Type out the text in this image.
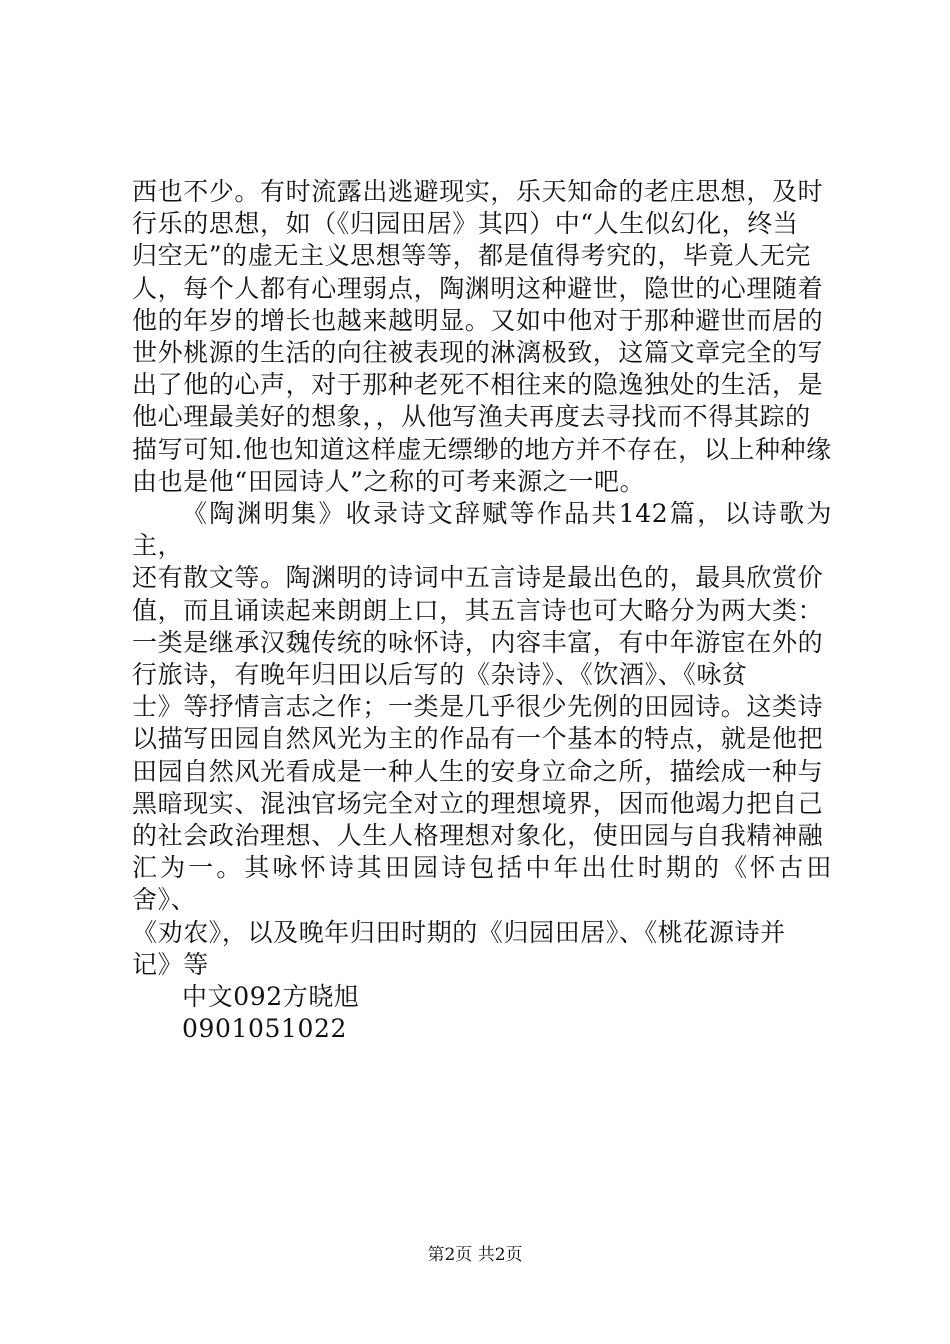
西也不少。有时流露出逃避现实，乐天知命的老庄思想，及时
行乐的思想，如（《归园田居》其四）中“人生似幻化，终当
归空无”的虚无主义思想等等，都是值得考究的，毕竟人无完
人，每个人都有心理弱点，陶渊明这种避世，隐世的心理随着
他的年岁的增长也越来越明显。又如中他对于那种避世而居的
世外桃源的生活的向往被表现的淋漓极致，这篇文章完全的写
出了他的心声，对于那种老死不相往来的隐逸独处的生活，是
他心理最美好的想象，，从他写渔夫再度去寻找而不得其踪的
描写可知.他也知道这样虚无缥缈的地方并不存在，以上种种缘
由也是他“田园诗人”之称的可考来源之一吧。

《陶渊明集》收录诗文辞赋等作品共142篇，以诗歌为主，
还有散文等。陶渊明的诗词中五言诗是最出色的，最具欣赏价
值，而且诵读起来朗朗上口，其五言诗也可大略分为两大类：
一类是继承汉魏传统的咏怀诗，内容丰富，有中年游宦在外的
行旅诗，有晚年归田以后写的《杂诗》、《饮酒》、《咏贫
士》等抒情言志之作；一类是几乎很少先例的田园诗。这类诗
以描写田园自然风光为主的作品有一个基本的特点，就是他把
田园自然风光看成是一种人生的安身立命之所，描绘成一种与
黑暗现实、混浊官场完全对立的理想境界，因而他竭力把自己
的社会政治理想、人生人格理想对象化，使田园与自我精神融
汇为一。其咏怀诗其田园诗包括中年出仕时期的《怀古田舍》、
《劝农》，以及晚年归田时期的《归园田居》、《桃花源诗并
记》等

中文092方晓旭

0901051022

第2页 共2页
